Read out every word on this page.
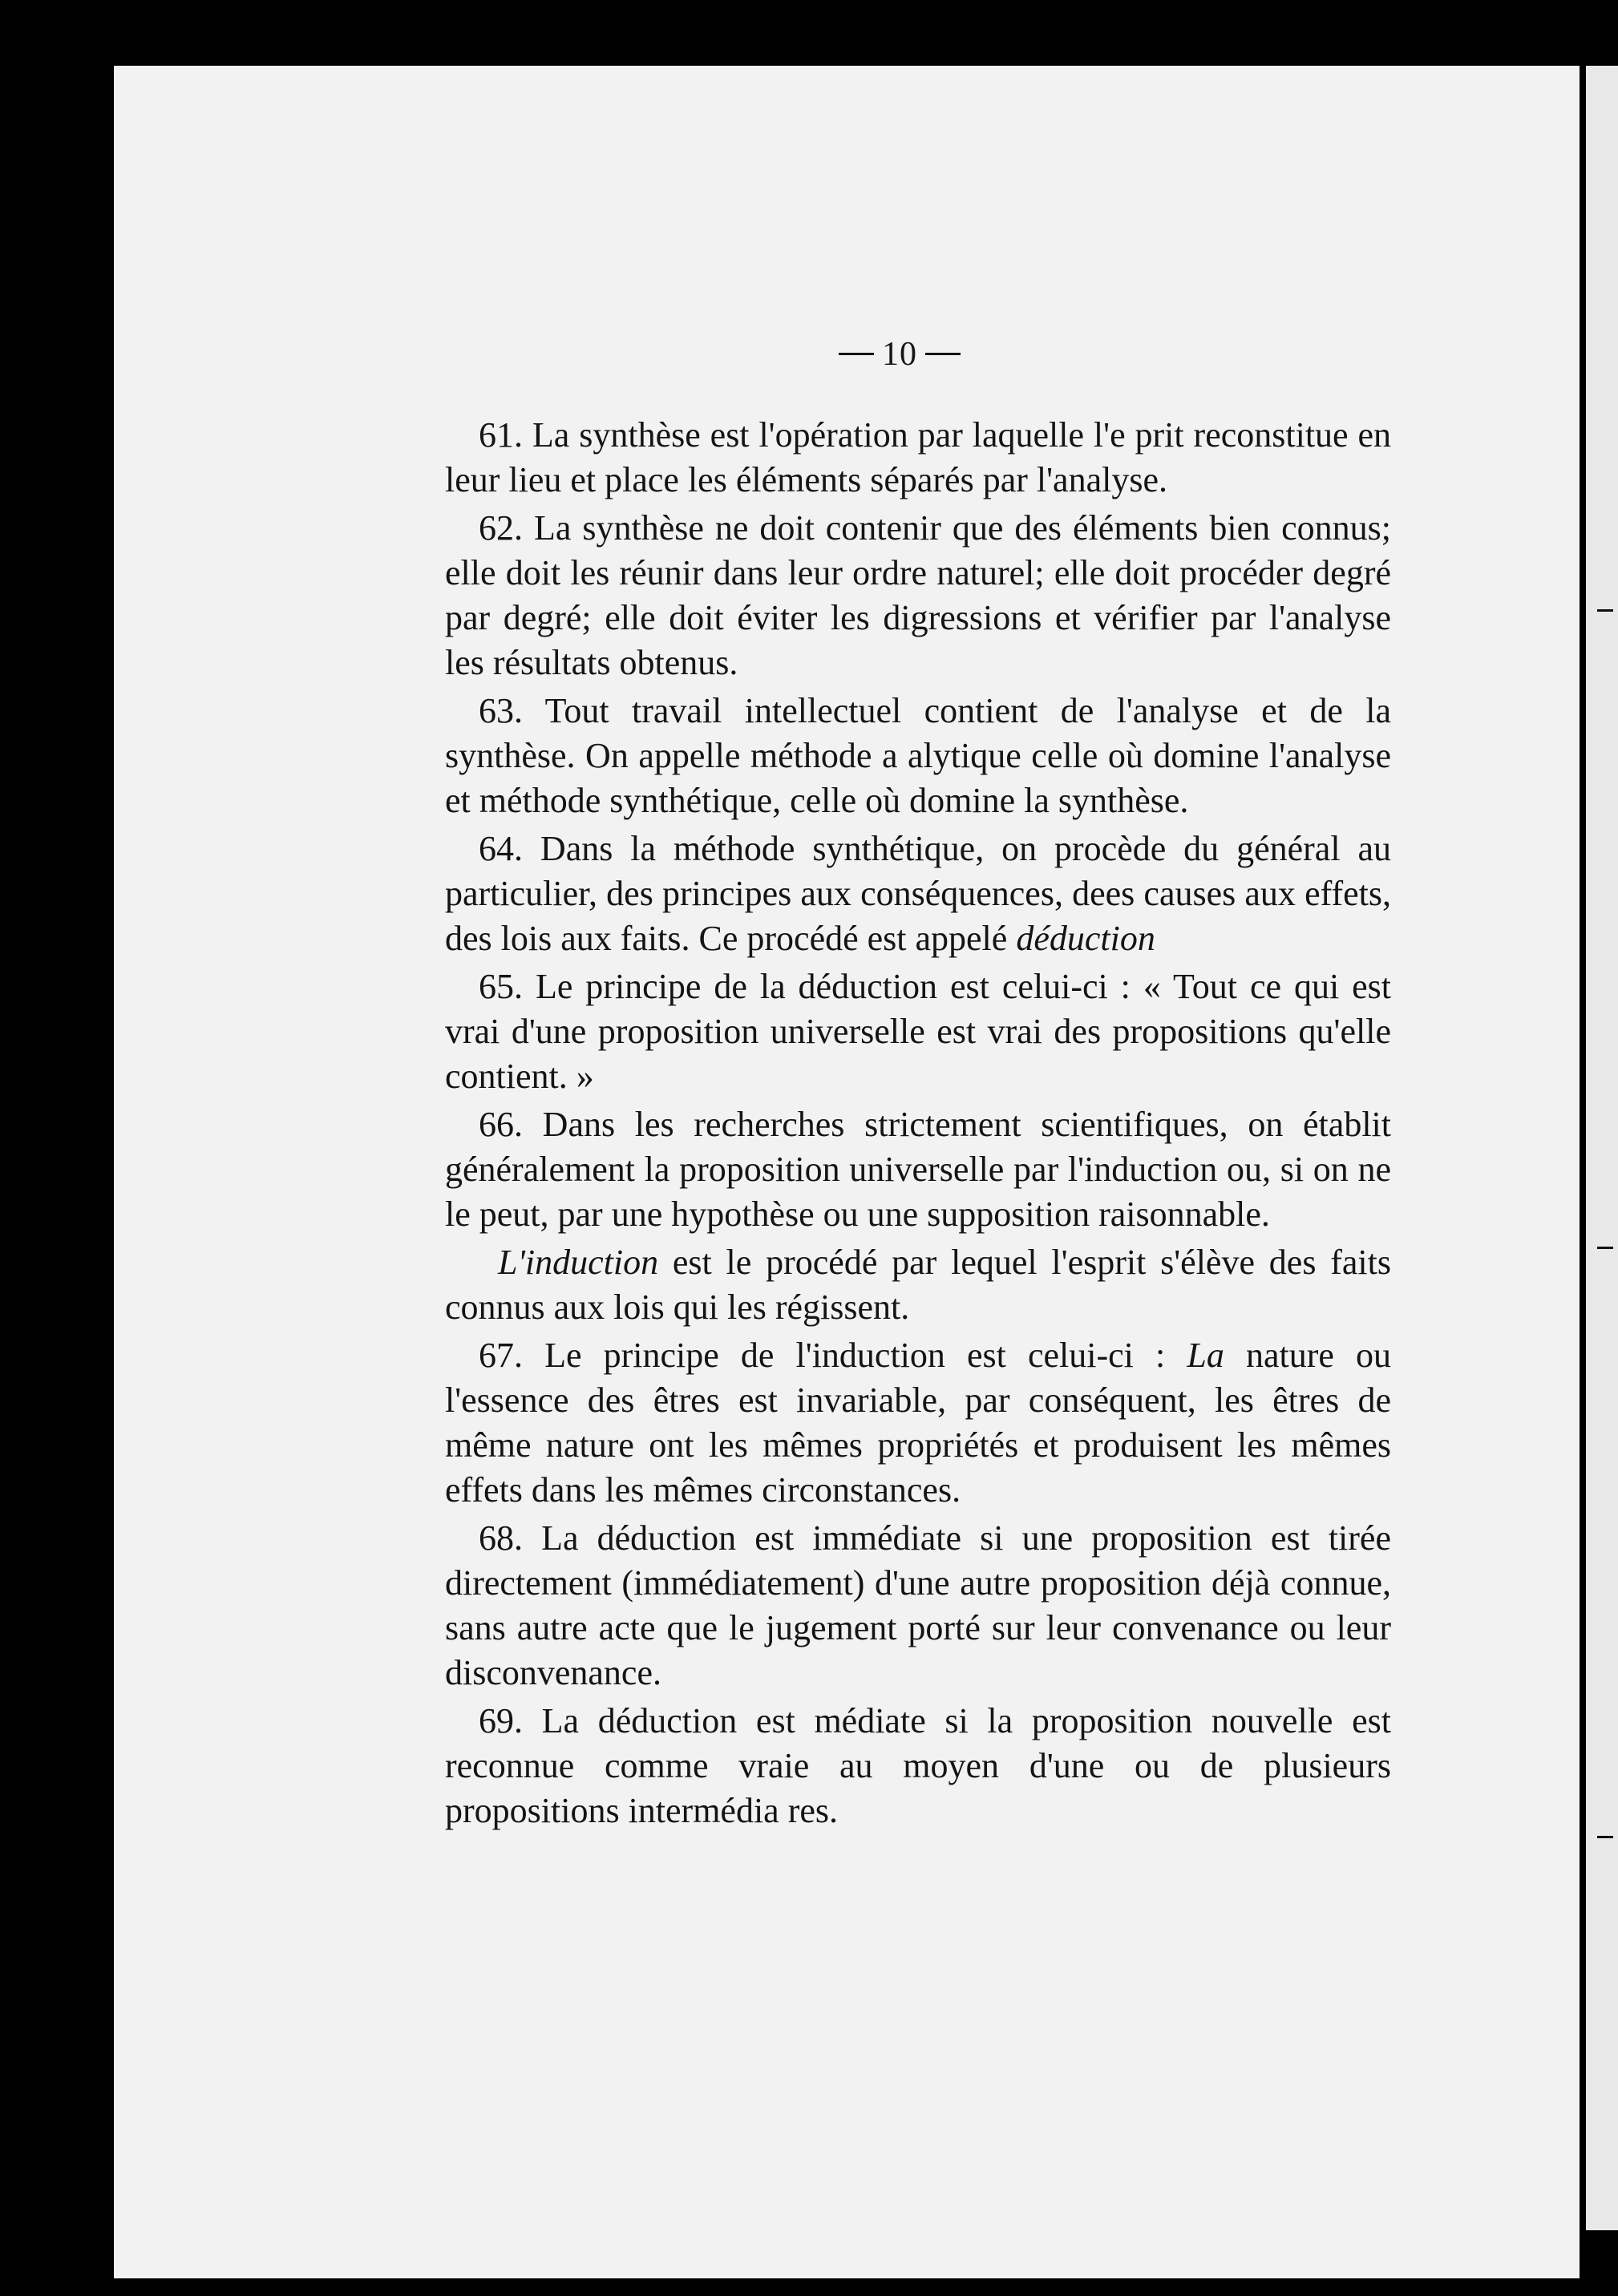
10

61. La synthèse est l'opération par laquelle l'e prit reconstitue en leur lieu et place les éléments séparés par l'analyse.

62. La synthèse ne doit contenir que des éléments bien connus; elle doit les réunir dans leur ordre naturel; elle doit procéder degré par degré; elle doit éviter les digressions et vérifier par l'analyse les résultats obtenus.

63. Tout travail intellectuel contient de l'analyse et de la synthèse. On appelle méthode a alytique celle où domine l'analyse et méthode synthétique, celle où domine la synthèse.

64. Dans la méthode synthétique, on procède du général au particulier, des principes aux conséquences, dees causes aux effets, des lois aux faits. Ce procédé est appelé déduction

65. Le principe de la déduction est celui-ci : « Tout ce qui est vrai d'une proposition universelle est vrai des propositions qu'elle contient. »

66. Dans les recherches strictement scientifiques, on établit généralement la proposition universelle par l'induction ou, si on ne le peut, par une hypothèse ou une supposition raisonnable.

L'induction est le procédé par lequel l'esprit s'élève des faits connus aux lois qui les régissent.

67. Le principe de l'induction est celui-ci : La nature ou l'essence des êtres est invariable, par conséquent, les êtres de même nature ont les mêmes propriétés et produisent les mêmes effets dans les mêmes circonstances.

68. La déduction est immédiate si une proposition est tirée directement (immédiatement) d'une autre proposition déjà connue, sans autre acte que le jugement porté sur leur convenance ou leur disconvenance.

69. La déduction est médiate si la proposition nouvelle est reconnue comme vraie au moyen d'une ou de plusieurs propositions intermédia res.
